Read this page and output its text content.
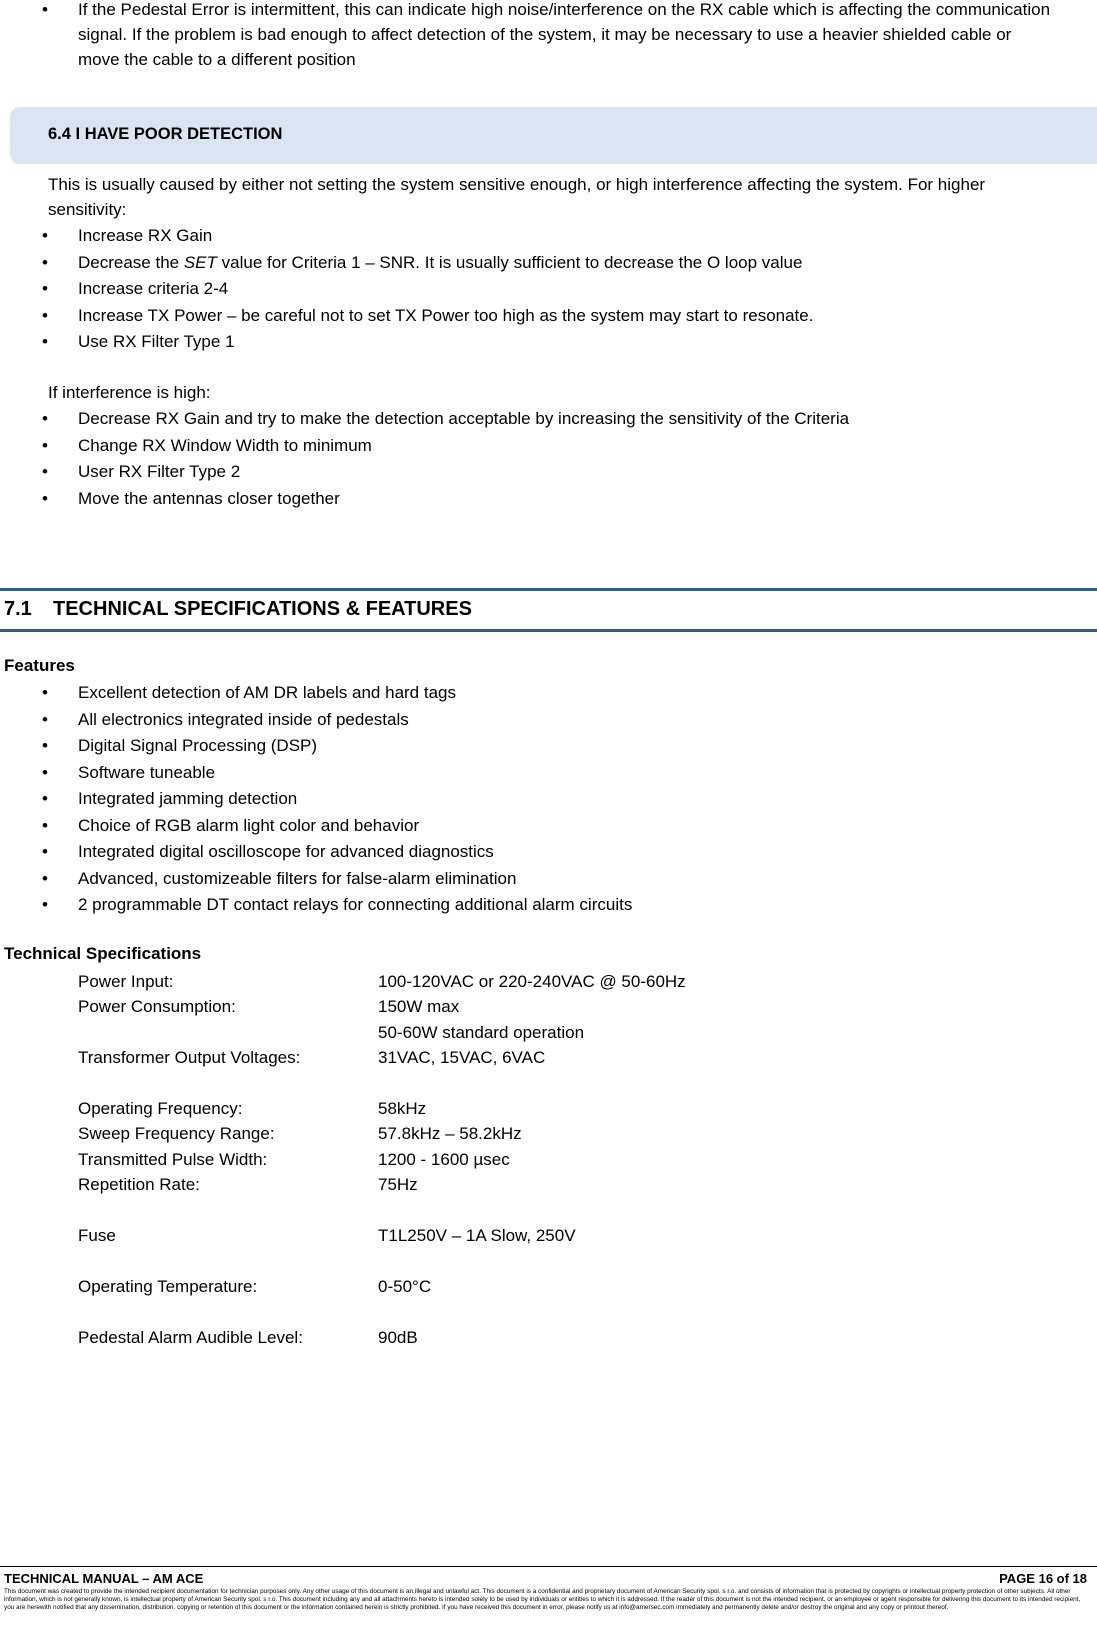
• If the Pedestal Error is intermittent, this can indicate high noise/interference on the RX cable which is affecting the communication signal. If the problem is bad enough to affect detection of the system, it may be necessary to use a heavier shielded cable or move the cable to a different position
6.4 I HAVE POOR DETECTION
This is usually caused by either not setting the system sensitive enough, or high interference affecting the system. For higher sensitivity:
• Increase RX Gain
• Decrease the SET value for Criteria 1 – SNR. It is usually sufficient to decrease the O loop value
• Increase criteria 2-4
• Increase TX Power – be careful not to set TX Power too high as the system may start to resonate.
• Use RX Filter Type 1
If interference is high:
• Decrease RX Gain and try to make the detection acceptable by increasing the sensitivity of the Criteria
• Change RX Window Width to minimum
• User RX Filter Type 2
• Move the antennas closer together
7.1 TECHNICAL SPECIFICATIONS & FEATURES
Features
• Excellent detection of AM DR labels and hard tags
• All electronics integrated inside of pedestals
• Digital Signal Processing (DSP)
• Software tuneable
• Integrated jamming detection
• Choice of RGB alarm light color and behavior
• Integrated digital oscilloscope for advanced diagnostics
• Advanced, customizeable filters for false-alarm elimination
• 2 programmable DT contact relays for connecting additional alarm circuits
Technical Specifications
Power Input:	100-120VAC or 220-240VAC @ 50-60Hz
Power Consumption:	150W max
50-60W standard operation
Transformer Output Voltages:	31VAC, 15VAC, 6VAC
Operating Frequency:	58kHz
Sweep Frequency Range:	57.8kHz – 58.2kHz
Transmitted Pulse Width:	1200 - 1600 µsec
Repetition Rate:	75Hz
Fuse	T1L250V – 1A Slow, 250V
Operating Temperature:	0-50°C
Pedestal Alarm Audible Level:	90dB
TECHNICAL MANUAL – AM ACE	PAGE 16 of 18
This document was created to provide the intended recipient documentation for technician purposes only. Any other usage of this document is an illegal and unlawful act. This document is a confidential and proprietary document of American Security spol. s r.o. and consists of information that is protected by copyrights or intellectual property protection of other subjects. All other information, which is not generally known, is intellectual property of American Security spol. s r.o. This document including any and all attachments hereto is intended solely to be used by individuals or entities to which it is addressed. If the reader of this document is not the intended recipient, or an employee or agent responsible for delivering this document to its intended recipient, you are herewith notified that any dissemination, distribution, copying or retention of this document or the information contained herein is strictly prohibited. If you have received this document in error, please notify us at info@amersec.com immediately and permanently delete and/or destroy the original and any copy or printout thereof.
